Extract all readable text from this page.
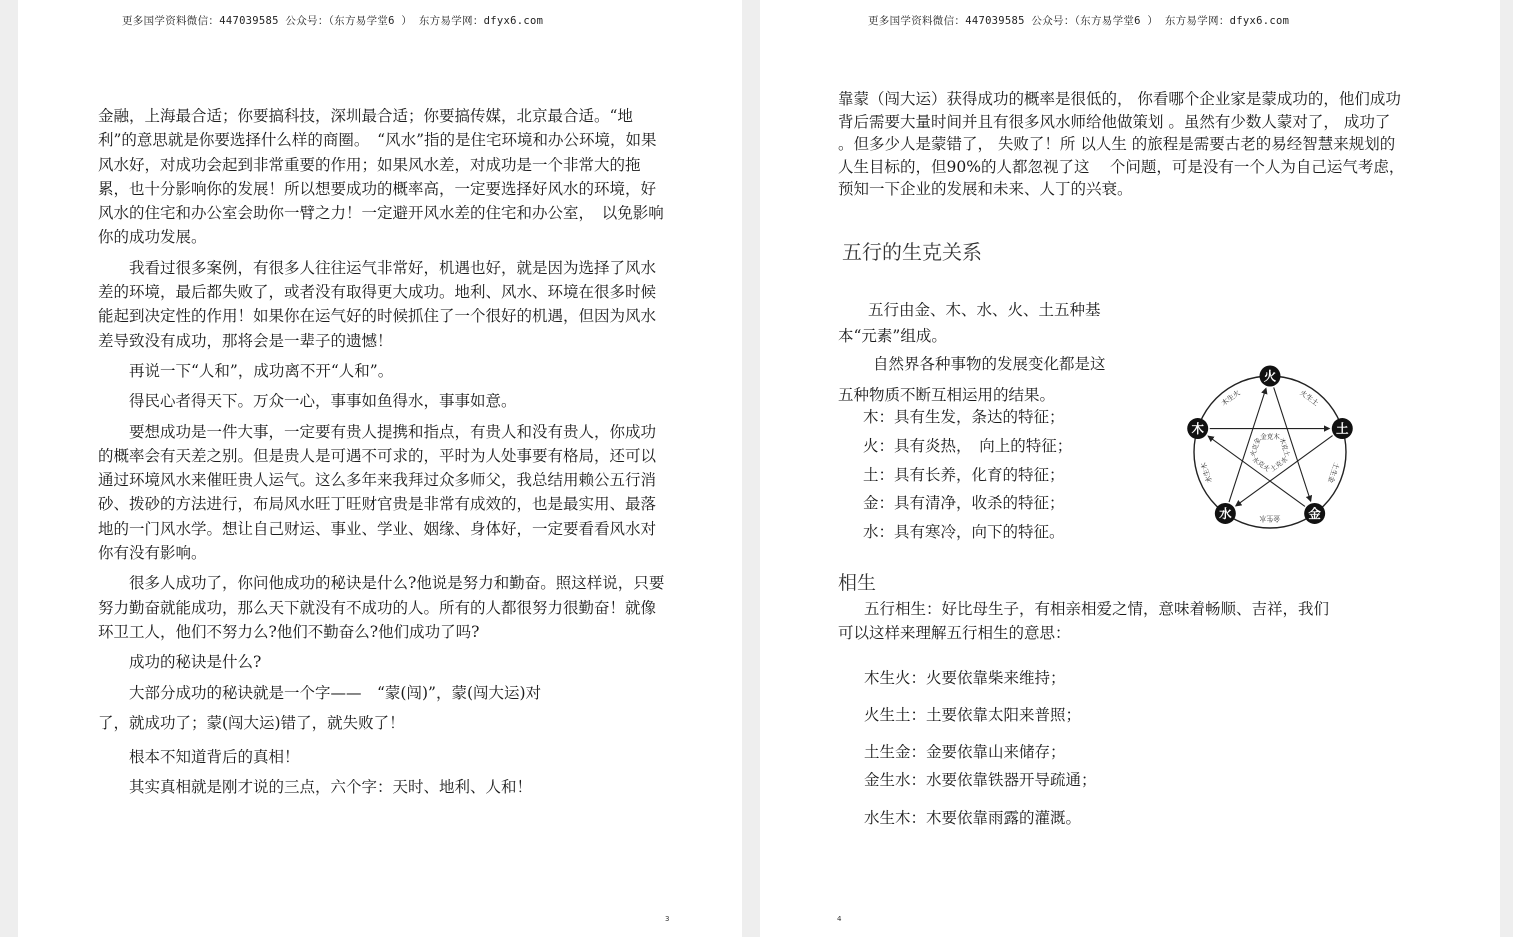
更多国学资料微信：447039585 公众号：（东方易学堂6 ） 东方易学网：dfyx6.com

金融，上海最合适；你要搞科技，深圳最合适；你要搞传媒，北京最合适。“地利”的意思就是你要选择什么样的商圈。　“风水”指的是住宅环境和办公环境，如果风水好，对成功会起到非常重要的作用；如果风水差，对成功是一个非常大的拖累，也十分影响你的发展！所以想要成功的概率高，一定要选择好风水的环境，好风水的住宅和办公室会助你一臂之力！一定避开风水差的住宅和办公室，　以免影响你的成功发展。

我看过很多案例，有很多人往往运气非常好，机遇也好，就是因为选择了风水差的环境，最后都失败了，或者没有取得更大成功。地利、风水、环境在很多时候能起到决定性的作用！如果你在运气好的时候抓住了一个很好的机遇，但因为风水差导致没有成功，那将会是一辈子的遗憾！

再说一下“人和”，成功离不开“人和”。

得民心者得天下。万众一心，事事如鱼得水，事事如意。

要想成功是一件大事，一定要有贵人提携和指点，有贵人和没有贵人，你成功的概率会有天差之别。但是贵人是可遇不可求的，平时为人处事要有格局，还可以通过环境风水来催旺贵人运气。这么多年来我拜过众多师父，我总结用赖公五行消砂、拨砂的方法进行，布局风水旺丁旺财官贵是非常有成效的，也是最实用、最落地的一门风水学。想让自己财运、事业、学业、姻缘、身体好，一定要看看风水对你有没有影响。

很多人成功了，你问他成功的秘诀是什么?他说是努力和勤奋。照这样说，只要努力勤奋就能成功，那么天下就没有不成功的人。所有的人都很努力很勤奋！就像环卫工人，他们不努力么?他们不勤奋么?他们成功了吗?

成功的秘诀是什么?

大部分成功的秘诀就是一个字——　“蒙(闯)”，蒙(闯大运)对

了，就成功了；蒙(闯大运)错了，就失败了！

根本不知道背后的真相！

其实真相就是刚才说的三点，六个字：天时、地利、人和！

3
更多国学资料微信：447039585 公众号：（东方易学堂6 ） 东方易学网：dfyx6.com
靠蒙（闯大运）获得成功的概率是很低的， 你看哪个企业家是蒙成功的，他们成功背后需要大量时间并且有很多风水师给他做策划 。虽然有少数人蒙对了， 成功了 。但多少人是蒙错了， 失败了！所 以人生 的旅程是需要古老的易经智慧来规划的人生目标的，但90%的人都忽视了这　 个问题，可是没有一个人为自己运气考虑， 预知一下企业的发展和未来、人丁的兴衰。
五行的生克关系
五行由金、木、水、火、土五种基
本“元素”组成。
自然界各种事物的发展变化都是这
五种物质不断互相运用的结果。
木：具有生发，条达的特征；
火：具有炎热，　向上的特征；
土：具有长养，化育的特征；
金：具有清净，收杀的特征；
水：具有寒冷，向下的特征。
火
土
金
水
木
火生土
土生金
金生水
水生木
木生火
木克土
土克水
水克火
火克金
金克木
相生
五行相生：好比母生子，有相亲相爱之情，意味着畅顺、吉祥，我们
可以这样来理解五行相生的意思：
木生火：火要依靠柴来维持；
火生土：土要依靠太阳来普照；
土生金：金要依靠山来储存；
金生水：水要依靠铁器开导疏通；
水生木：木要依靠雨露的灌溉。
4
